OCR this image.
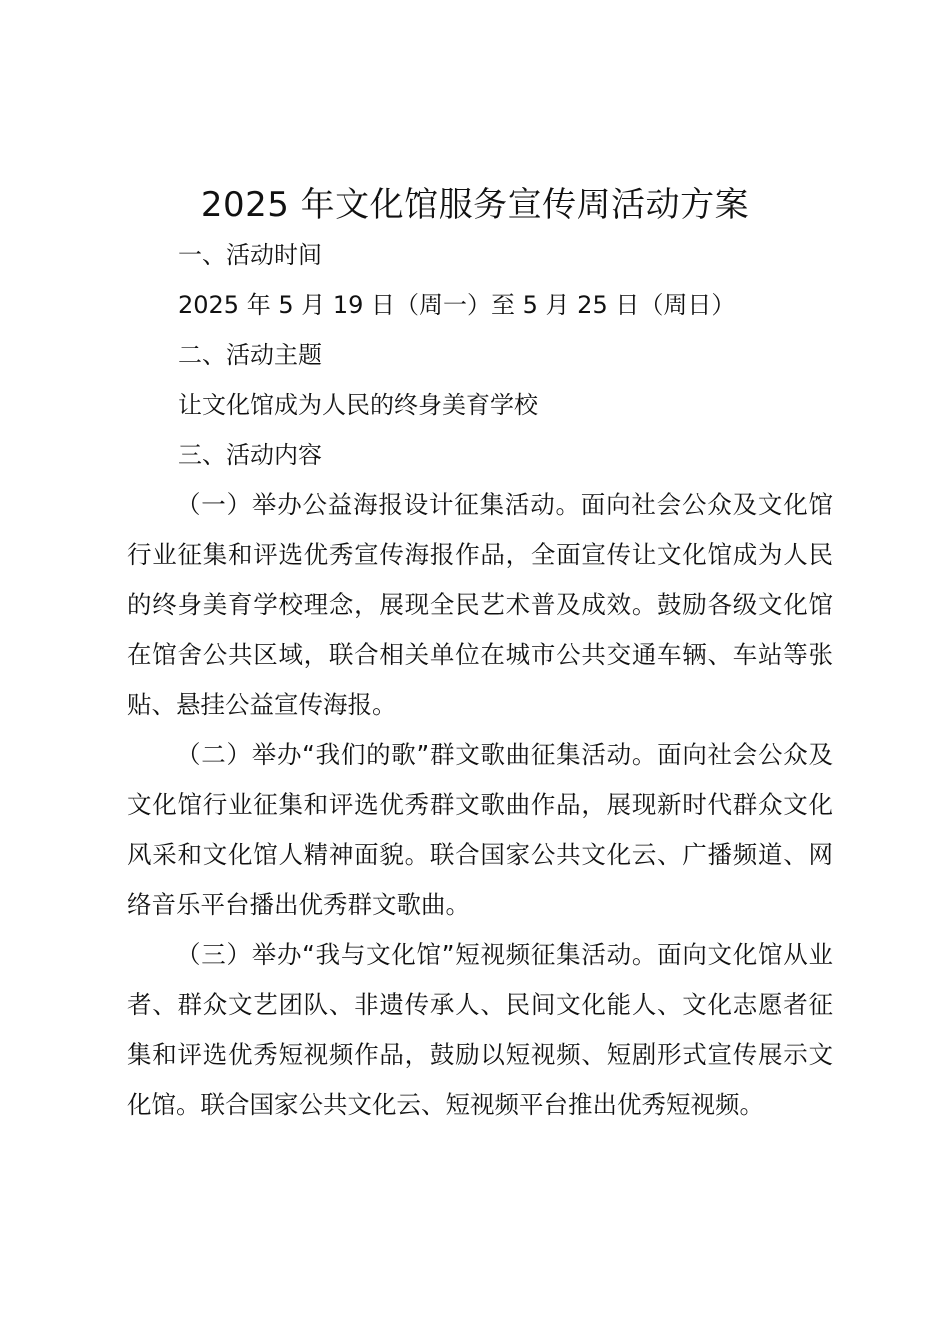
2025 年文化馆服务宣传周活动方案
一、活动时间
2025 年 5 月 19 日（周一）至 5 月 25 日（周日）
二、活动主题
让文化馆成为人民的终身美育学校
三、活动内容

（一）举办公益海报设计征集活动。面向社会公众及文化馆行业征集和评选优秀宣传海报作品，全面宣传让文化馆成为人民的终身美育学校理念，展现全民艺术普及成效。鼓励各级文化馆在馆舍公共区域，联合相关单位在城市公共交通车辆、车站等张贴、悬挂公益宣传海报。

（二）举办“我们的歌”群文歌曲征集活动。面向社会公众及文化馆行业征集和评选优秀群文歌曲作品，展现新时代群众文化风采和文化馆人精神面貌。联合国家公共文化云、广播频道、网络音乐平台播出优秀群文歌曲。

（三）举办“我与文化馆”短视频征集活动。面向文化馆从业者、群众文艺团队、非遗传承人、民间文化能人、文化志愿者征集和评选优秀短视频作品，鼓励以短视频、短剧形式宣传展示文化馆。联合国家公共文化云、短视频平台推出优秀短视频。
